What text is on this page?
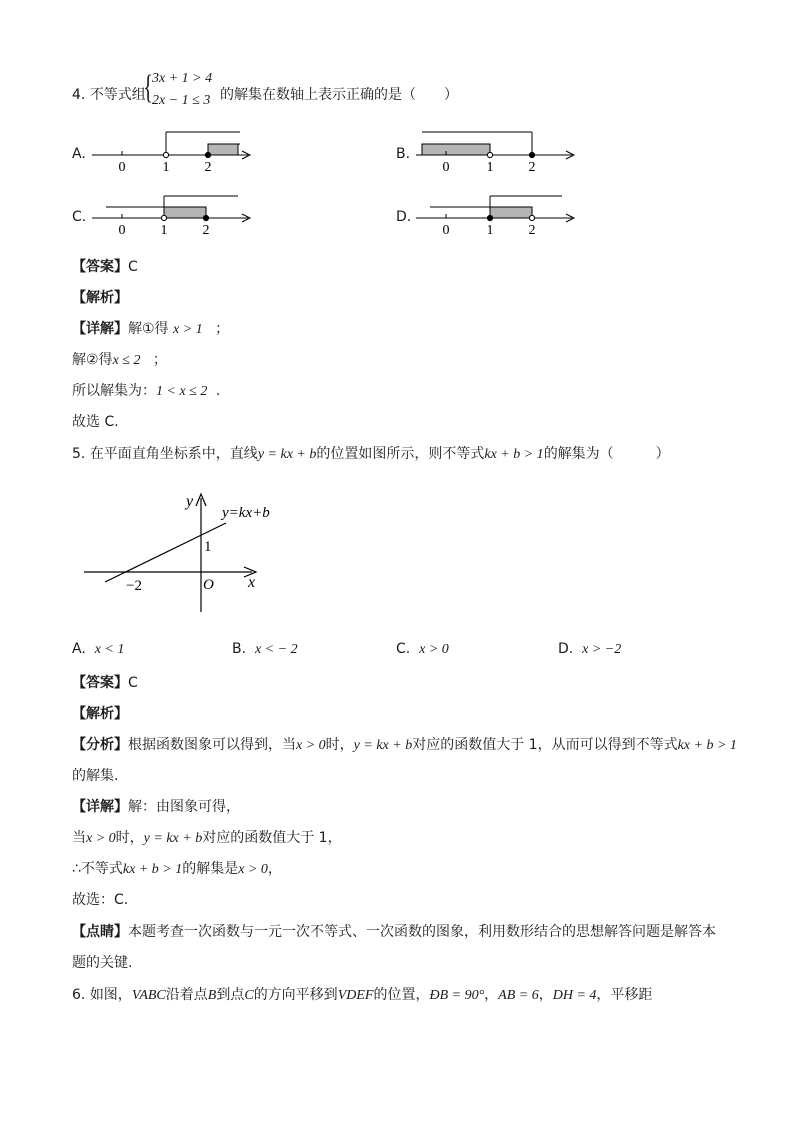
4. 不等式组
{
3x + 1 > 4
2x − 1 ≤ 3 的解集在数轴上表示正确的是（　　）
A.
0	1	2
B.
0	1	2
C.
0	1	2
D.
0	1	2
【答案】C
【解析】
【详解】解①得 x > 1 ；
解②得x ≤ 2 ；
所以解集为：1 < x ≤ 2 .
故选 C.
5. 在平面直角坐标系中，直线y = kx + b的位置如图所示，则不等式kx + b > 1的解集为（　　　）
y
x
y=kx+b
1
−2	O
A. x < 1	B. x < − 2	C. x > 0	D. x > −2
【答案】C
【解析】
【分析】根据函数图象可以得到，当x > 0时，y = kx + b对应的函数值大于 1，从而可以得到不等式kx + b > 1
的解集.
【详解】解：由图象可得，
当x > 0时，y = kx + b对应的函数值大于 1，
∴不等式kx + b > 1的解集是x > 0，
故选：C.
【点睛】本题考查一次函数与一元一次不等式、一次函数的图象，利用数形结合的思想解答问题是解答本
题的关键.
6. 如图，VABC沿着点B到点C的方向平移到VDEF的位置，ÐB = 90°，AB = 6，DH = 4，平移距
